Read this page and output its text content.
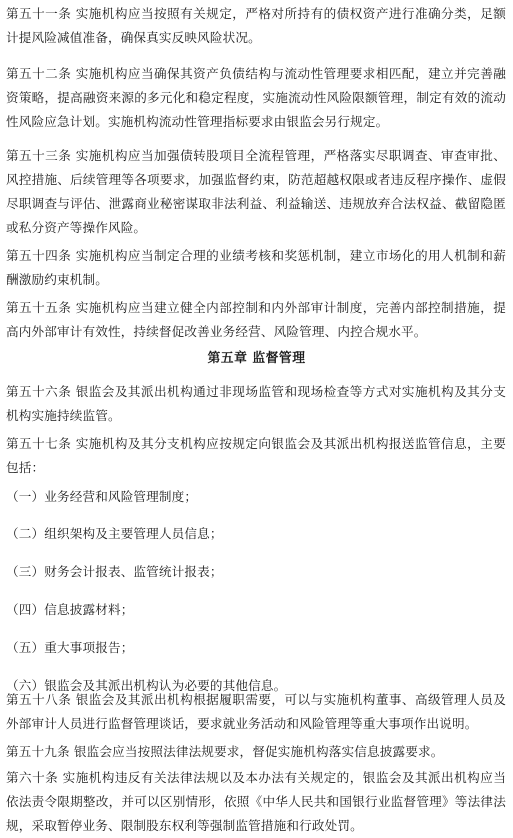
第五十一条 实施机构应当按照有关规定，严格对所持有的债权资产进行准确分类，足额计提风险减值准备，确保真实反映风险状况。

第五十二条 实施机构应当确保其资产负债结构与流动性管理要求相匹配，建立并完善融资策略，提高融资来源的多元化和稳定程度，实施流动性风险限额管理，制定有效的流动性风险应急计划。实施机构流动性管理指标要求由银监会另行规定。

第五十三条 实施机构应当加强债转股项目全流程管理，严格落实尽职调查、审查审批、风控措施、后续管理等各项要求，加强监督约束，防范超越权限或者违反程序操作、虚假尽职调查与评估、泄露商业秘密谋取非法利益、利益输送、违规放弃合法权益、截留隐匿或私分资产等操作风险。

第五十四条 实施机构应当制定合理的业绩考核和奖惩机制，建立市场化的用人机制和薪酬激励约束机制。

第五十五条 实施机构应当建立健全内部控制和内外部审计制度，完善内部控制措施，提高内外部审计有效性，持续督促改善业务经营、风险管理、内控合规水平。

第五章 监督管理

第五十六条 银监会及其派出机构通过非现场监管和现场检查等方式对实施机构及其分支机构实施持续监管。

第五十七条 实施机构及其分支机构应按规定向银监会及其派出机构报送监管信息，主要包括：

（一）业务经营和风险管理制度；

（二）组织架构及主要管理人员信息；

（三）财务会计报表、监管统计报表；

（四）信息披露材料；

（五）重大事项报告；

（六）银监会及其派出机构认为必要的其他信息。

第五十八条 银监会及其派出机构根据履职需要，可以与实施机构董事、高级管理人员及外部审计人员进行监督管理谈话，要求就业务活动和风险管理等重大事项作出说明。

第五十九条 银监会应当按照法律法规要求，督促实施机构落实信息披露要求。

第六十条 实施机构违反有关法律法规以及本办法有关规定的，银监会及其派出机构应当依法责令限期整改，并可以区别情形，依照《中华人民共和国银行业监督管理》等法律法规，采取暂停业务、限制股东权利等强制监管措施和行政处罚。
